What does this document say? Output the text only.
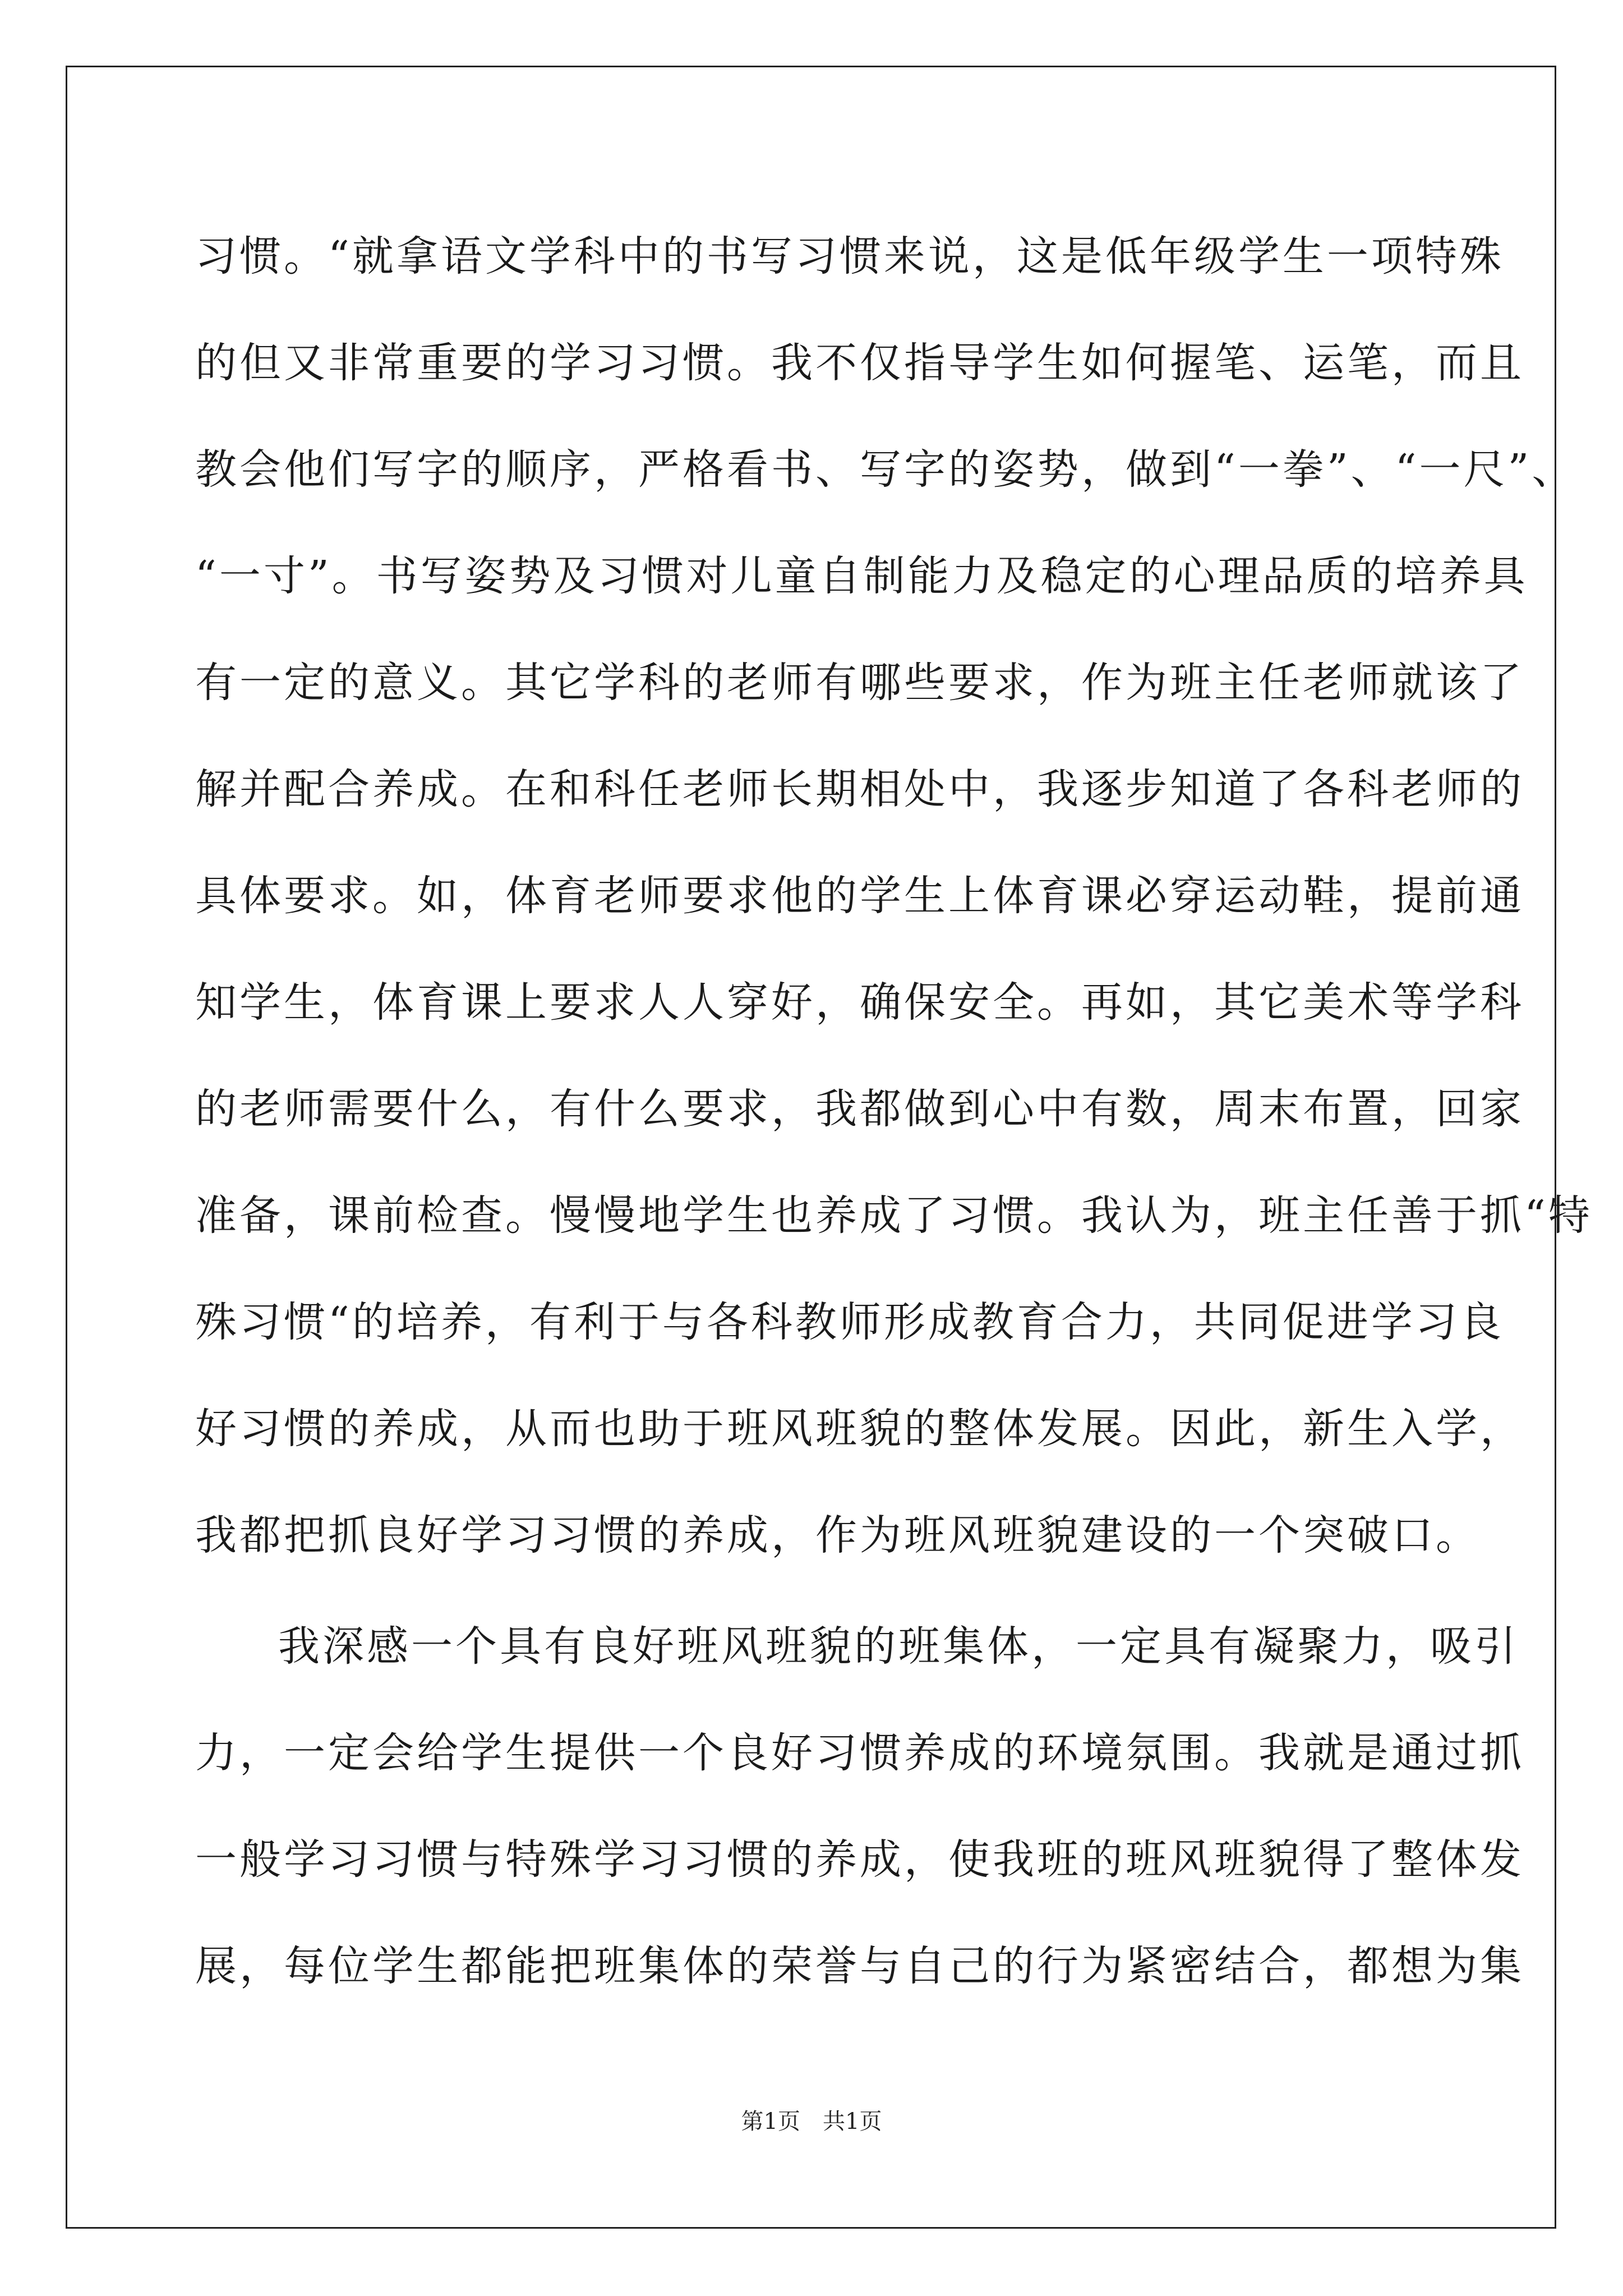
习惯。“就拿语文学科中的书写习惯来说，这是低年级学生一项特殊
的但又非常重要的学习习惯。我不仅指导学生如何握笔、运笔，而且
教会他们写字的顺序，严格看书、写字的姿势，做到“一拳”、“一尺”、
“一寸”。书写姿势及习惯对儿童自制能力及稳定的心理品质的培养具
有一定的意义。其它学科的老师有哪些要求，作为班主任老师就该了
解并配合养成。在和科任老师长期相处中，我逐步知道了各科老师的
具体要求。如，体育老师要求他的学生上体育课必穿运动鞋，提前通
知学生，体育课上要求人人穿好，确保安全。再如，其它美术等学科
的老师需要什么，有什么要求，我都做到心中有数，周末布置，回家
准备，课前检查。慢慢地学生也养成了习惯。我认为，班主任善于抓“特
殊习惯“的培养，有利于与各科教师形成教育合力，共同促进学习良
好习惯的养成，从而也助于班风班貌的整体发展。因此，新生入学，
我都把抓良好学习习惯的养成，作为班风班貌建设的一个突破口。
我深感一个具有良好班风班貌的班集体，一定具有凝聚力，吸引
力，一定会给学生提供一个良好习惯养成的环境氛围。我就是通过抓
一般学习习惯与特殊学习习惯的养成，使我班的班风班貌得了整体发
展，每位学生都能把班集体的荣誉与自己的行为紧密结合，都想为集
第1页　共1页
